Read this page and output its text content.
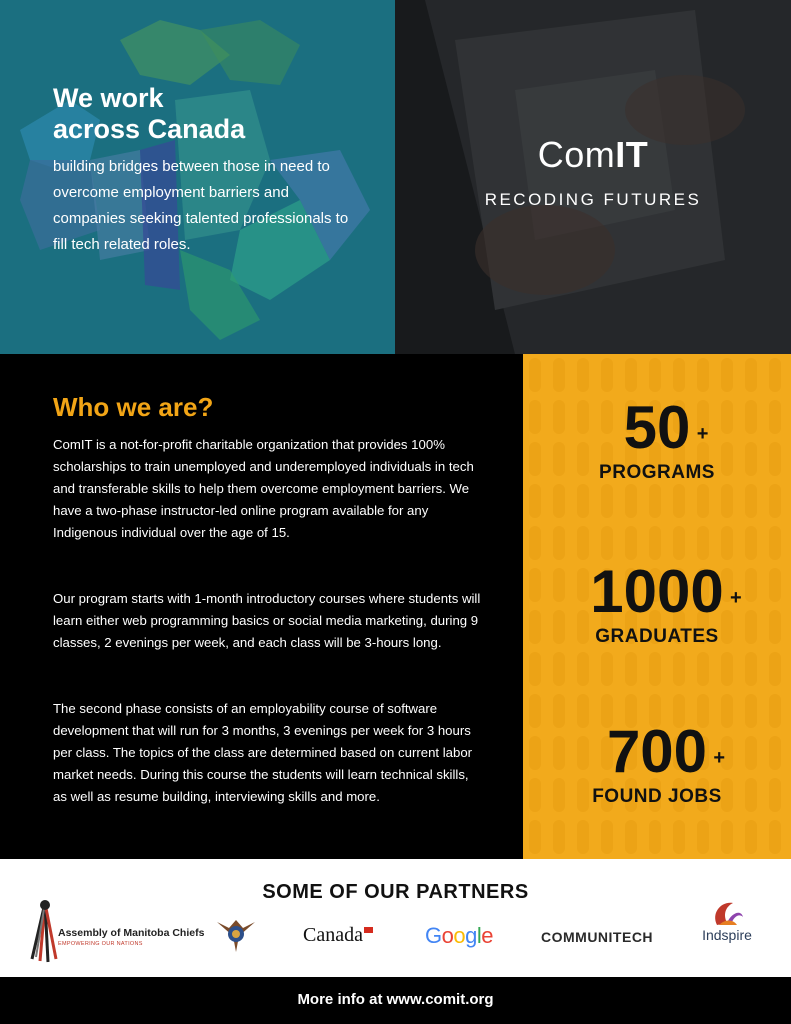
We work
across Canada
building bridges between those in need to overcome employment barriers and companies seeking talented professionals to fill tech related roles.
ComIT
RECODING FUTURES
Who we are?
ComIT is a not-for-profit charitable organization that provides 100% scholarships to train unemployed and underemployed individuals in tech and transferable skills to help them overcome employment barriers. We have a two-phase instructor-led online program available for any Indigenous individual over the age of 15.
Our program starts with 1-month introductory courses where students will learn either web programming basics or social media marketing, during 9 classes, 2 evenings per week, and each class will be 3-hours long.
The second phase consists of an employability course of software development that will run for 3 months, 3 evenings per week for 3 hours per class. The topics of the class are determined based on current labor market needs. During this course the students will learn technical skills, as well as resume building, interviewing skills and more.
50 +
PROGRAMS
1000 +
GRADUATES
700 +
FOUND JOBS
SOME OF OUR PARTNERS
Assembly of Manitoba Chiefs
EMPOWERING OUR NATIONS	Canada	Google	COMMUNITECH	Indspire
More info at www.comit.org
